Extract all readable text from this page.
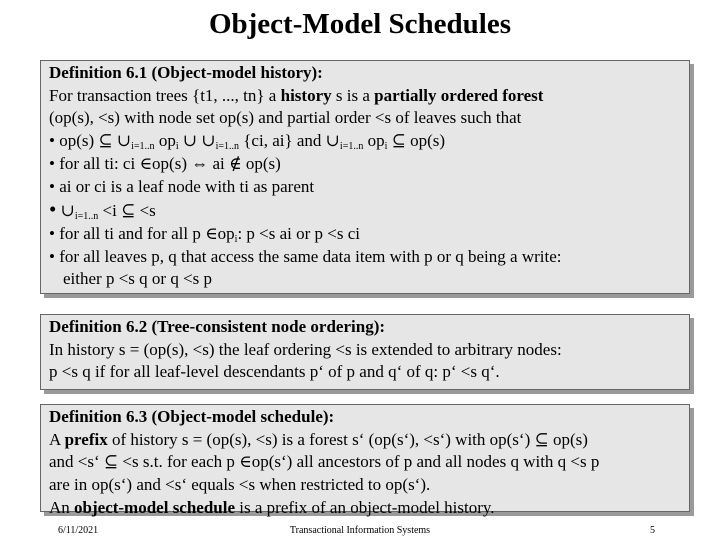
Object-Model Schedules
Definition 6.1 (Object-model history):
For transaction trees {t1, ..., tn} a history s is a partially ordered forest
(op(s), <s) with node set op(s) and partial order <s of leaves such that
• op(s) ⊆ $\cup_{i=1..n}$ $op_i$ ∪ $\cup_{i=1..n}$ {ci, ai} and $\cup_{i=1..n}$ $op_i$ ⊆ op(s)
• for all ti: ci ∈op(s) ⇔ ai ∉ op(s)
• ai or ci is a leaf node with ti as parent
• $\cup_{i=1..n} <i$ ⊆ <s
• for all ti and for all p $\in op_i$: p <s ai or p <s ci
• for all leaves p, q that access the same data item with p or q being a write:
either p <s q or q <s p
Definition 6.2 (Tree-consistent node ordering):
In history s = (op(s), <s) the leaf ordering <s is extended to arbitrary nodes:
p <s q if for all leaf-level descendants p‘ of p and q‘ of q: p‘ <s q‘.
Definition 6.3 (Object-model schedule):
A prefix of history s = (op(s), <s) is a forest s‘ (op(s‘), <s‘) with op(s‘) ⊆ op(s)
and <s‘ ⊆ <s s.t. for each p ∈op(s‘) all ancestors of p and all nodes q with q <s p
are in op(s‘) and <s‘ equals <s when restricted to op(s‘).
An object-model schedule is a prefix of an object-model history.
6/11/2021	Transactional Information Systems	5
